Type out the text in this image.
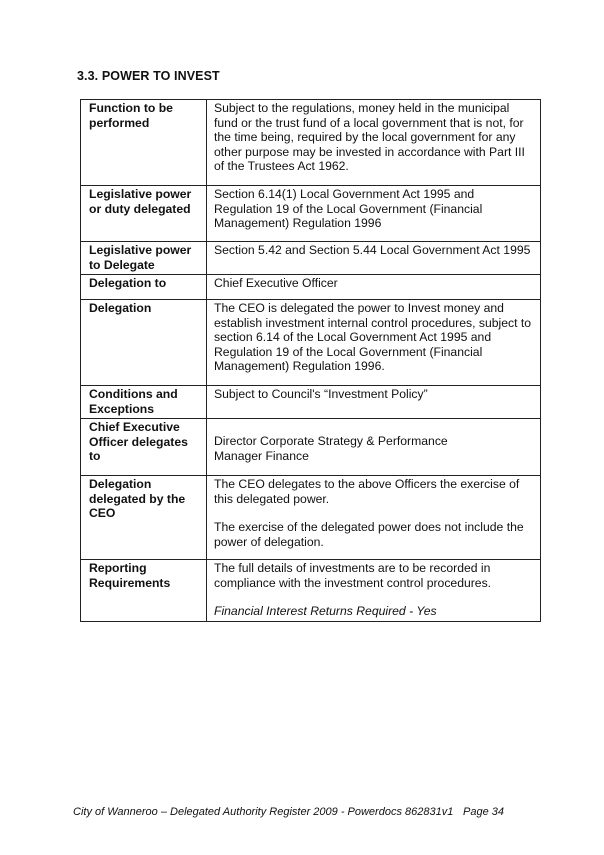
3.3. POWER TO INVEST
Function to be performed	Subject to the regulations, money held in the municipal fund or the trust fund of a local government that is not, for the time being, required by the local government for any other purpose may be invested in accordance with Part III of the Trustees Act 1962.
Legislative power or duty delegated	Section 6.14(1) Local Government Act 1995 and Regulation 19 of the Local Government (Financial Management) Regulation 1996
Legislative power to Delegate	Section 5.42 and Section 5.44 Local Government Act 1995
Delegation to	Chief Executive Officer
Delegation	The CEO is delegated the power to Invest money and establish investment internal control procedures, subject to section 6.14 of the Local Government Act 1995 and Regulation 19 of the Local Government (Financial Management) Regulation 1996.
Conditions and Exceptions	Subject to Council's “Investment Policy”
Chief Executive Officer delegates to	Director Corporate Strategy & Performance

Manager Finance

Delegation delegated by the CEO	The CEO delegates to the above Officers the exercise of this delegated power.

The exercise of the delegated power does not include the power of delegation.

Reporting Requirements	The full details of investments are to be recorded in compliance with the investment control procedures.

Financial Interest Returns Required - Yes

City of Wanneroo – Delegated Authority Register 2009 - Powerdocs 862831v1 Page 34
